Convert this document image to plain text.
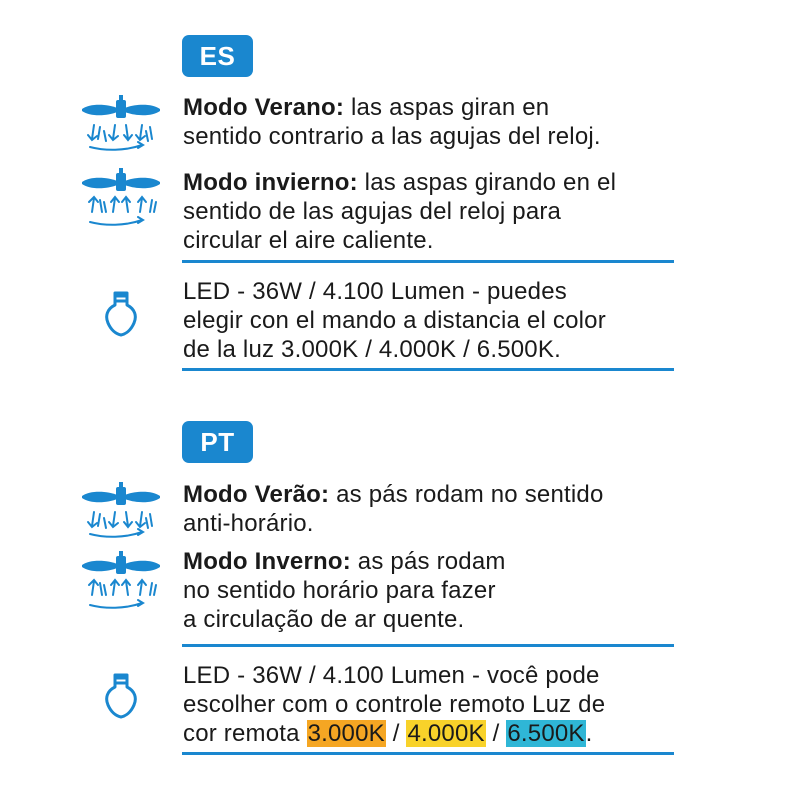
ES
Modo Verano: las aspas giran en
sentido contrario a las agujas del reloj.
Modo invierno: las aspas girando en el
sentido de las agujas del reloj para
circular el aire caliente.
LED - 36W / 4.100 Lumen - puedes
elegir con el mando a distancia el color
de la luz 3.000K / 4.000K / 6.500K.
PT
Modo Verão: as pás rodam no sentido
anti-horário.
Modo Inverno: as pás rodam
no sentido horário para fazer
a circulação de ar quente.
LED - 36W / 4.100 Lumen - você pode
escolher com o controle remoto Luz de
cor remota 3.000K / 4.000K / 6.500K.
